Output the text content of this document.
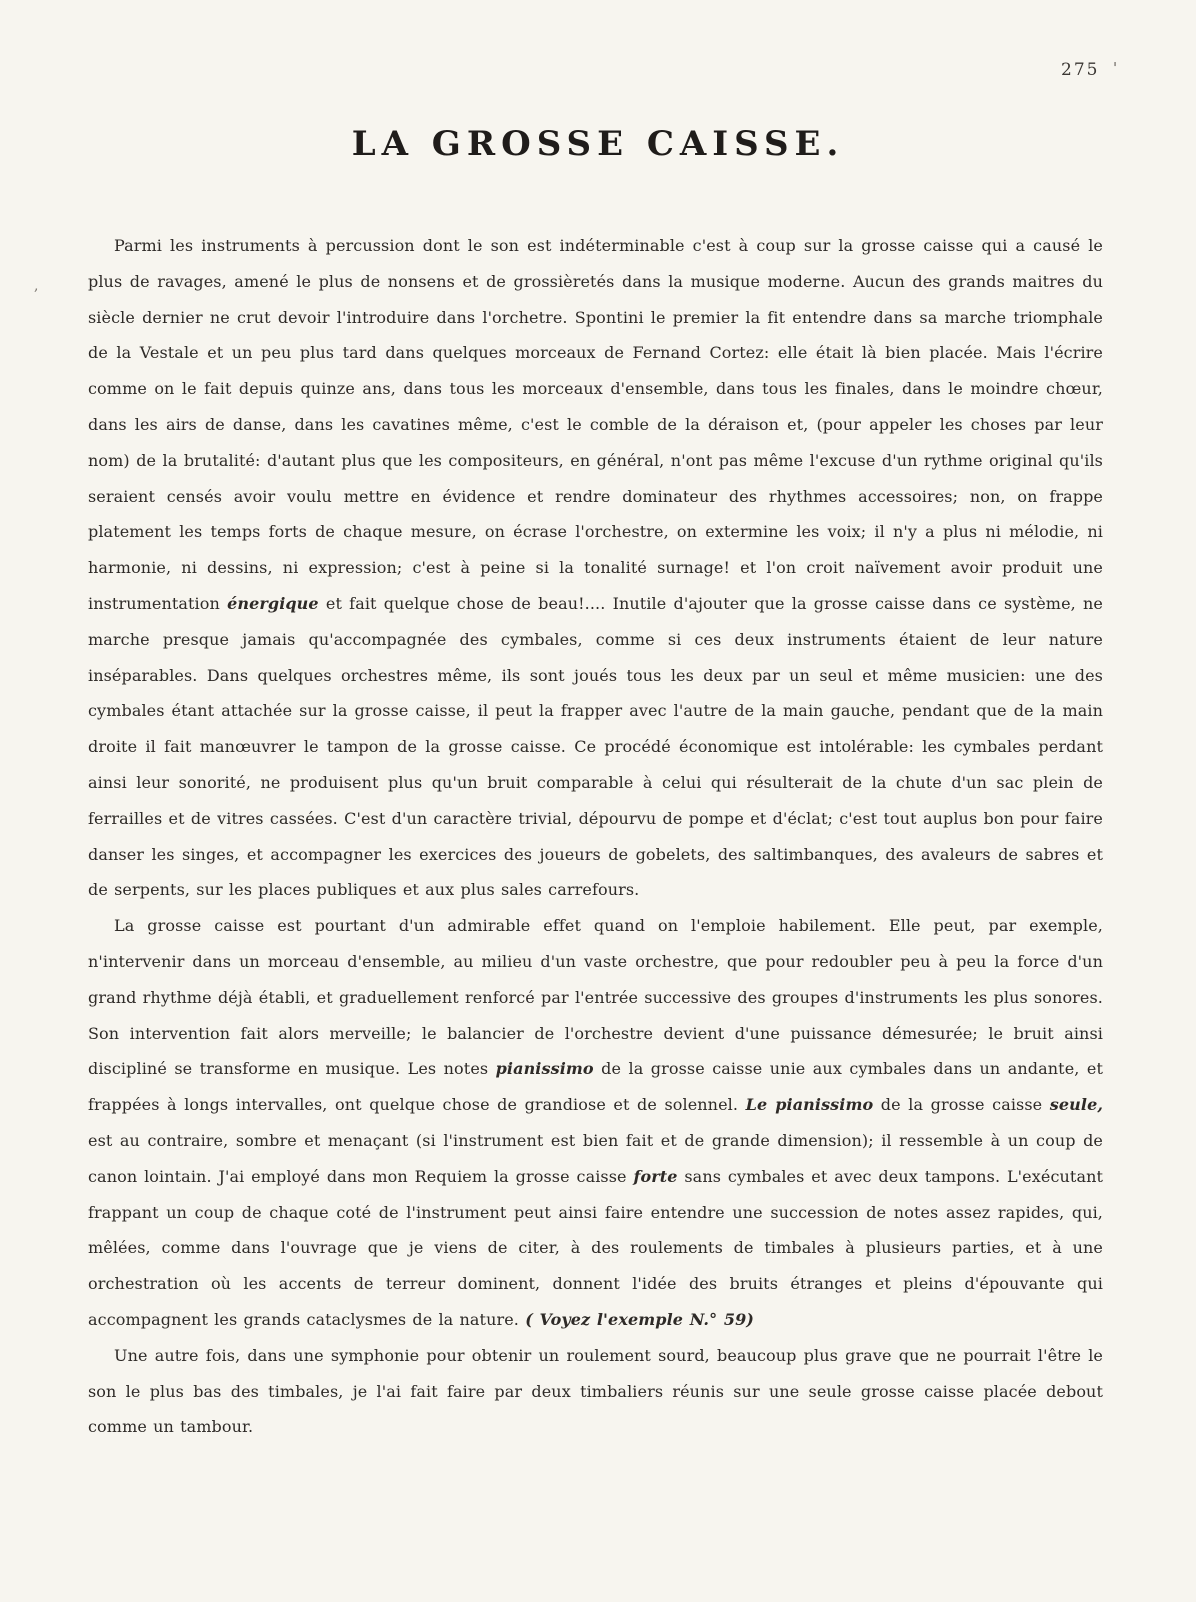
275 '
,
LA GROSSE CAISSE.

Parmi les instruments à percussion dont le son est indéterminable c'est à coup sur la grosse caisse qui a causé le plus de ravages, amené le plus de nonsens et de grossièretés dans la musique moderne. Aucun des grands maitres du siècle dernier ne crut devoir l'introduire dans l'orchetre. Spontini le premier la fit entendre dans sa marche triomphale de la Vestale et un peu plus tard dans quelques morceaux de Fernand Cortez: elle était là bien placée. Mais l'écrire comme on le fait depuis quinze ans, dans tous les morceaux d'ensemble, dans tous les finales, dans le moindre chœur, dans les airs de danse, dans les cavatines même, c'est le comble de la déraison et, (pour appeler les choses par leur nom) de la brutalité: d'autant plus que les compositeurs, en général, n'ont pas même l'excuse d'un rythme original qu'ils seraient censés avoir voulu mettre en évidence et rendre dominateur des rhythmes accessoires; non, on frappe platement les temps forts de chaque mesure, on écrase l'orchestre, on extermine les voix; il n'y a plus ni mélodie, ni harmonie, ni dessins, ni expression; c'est à peine si la tonalité surnage! et l'on croit naïvement avoir produit une instrumentation énergique et fait quelque chose de beau!.... Inutile d'ajouter que la grosse caisse dans ce système, ne marche presque jamais qu'accompagnée des cymbales, comme si ces deux instruments étaient de leur nature inséparables. Dans quelques orchestres même, ils sont joués tous les deux par un seul et même musicien: une des cymbales étant attachée sur la grosse caisse, il peut la frapper avec l'autre de la main gauche, pendant que de la main droite il fait manœuvrer le tampon de la grosse caisse. Ce procédé économique est intolérable: les cymbales perdant ainsi leur sonorité, ne produisent plus qu'un bruit comparable à celui qui résulterait de la chute d'un sac plein de ferrailles et de vitres cassées. C'est d'un caractère trivial, dépourvu de pompe et d'éclat; c'est tout auplus bon pour faire danser les singes, et accompagner les exercices des joueurs de gobelets, des saltimbanques, des avaleurs de sabres et de serpents, sur les places publiques et aux plus sales carrefours.

La grosse caisse est pourtant d'un admirable effet quand on l'emploie habilement. Elle peut, par exemple, n'intervenir dans un morceau d'ensemble, au milieu d'un vaste orchestre, que pour redoubler peu à peu la force d'un grand rhythme déjà établi, et graduellement renforcé par l'entrée successive des groupes d'instruments les plus sonores. Son intervention fait alors merveille; le balancier de l'orchestre devient d'une puissance démesurée; le bruit ainsi discipliné se transforme en musique. Les notes pianissimo de la grosse caisse unie aux cymbales dans un andante, et frappées à longs intervalles, ont quelque chose de grandiose et de solennel. Le pianissimo de la grosse caisse seule, est au contraire, sombre et menaçant (si l'instrument est bien fait et de grande dimension); il ressemble à un coup de canon lointain. J'ai employé dans mon Requiem la grosse caisse forte sans cymbales et avec deux tampons. L'exécutant frappant un coup de chaque coté de l'instrument peut ainsi faire entendre une succession de notes assez rapides, qui, mêlées, comme dans l'ouvrage que je viens de citer, à des roulements de timbales à plusieurs parties, et à une orchestration où les accents de terreur dominent, donnent l'idée des bruits étranges et pleins d'épouvante qui accompagnent les grands cataclysmes de la nature. ( Voyez l'exemple N.° 59)

Une autre fois, dans une symphonie pour obtenir un roulement sourd, beaucoup plus grave que ne pourrait l'être le son le plus bas des timbales, je l'ai fait faire par deux timbaliers réunis sur une seule grosse caisse placée debout comme un tambour.
